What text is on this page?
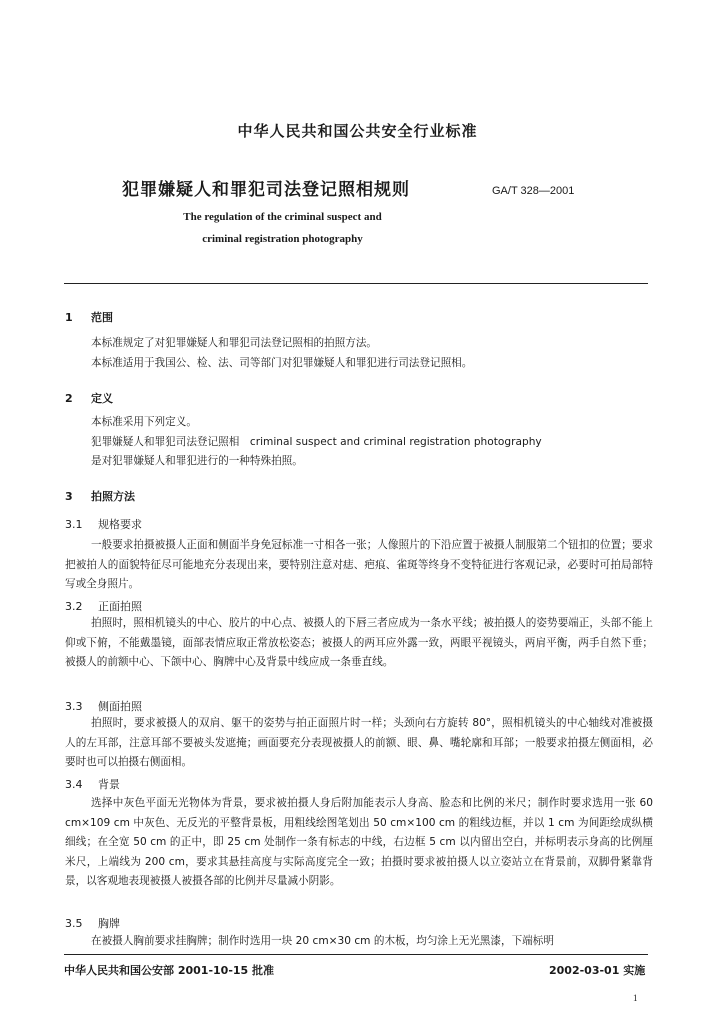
中华人民共和国公共安全行业标准
犯罪嫌疑人和罪犯司法登记照相规则	GA/T 328—2001
The regulation of the criminal suspect and
criminal registration photography
1 范围
本标准规定了对犯罪嫌疑人和罪犯司法登记照相的拍照方法。
本标准适用于我国公、检、法、司等部门对犯罪嫌疑人和罪犯进行司法登记照相。
2 定义
本标准采用下列定义。
犯罪嫌疑人和罪犯司法登记照相　criminal suspect and criminal registration photography
是对犯罪嫌疑人和罪犯进行的一种特殊拍照。
3 拍照方法
3.1 规格要求
一般要求拍摄被摄人正面和侧面半身免冠标准一寸相各一张；人像照片的下沿应置于被摄人制服第二个钮扣的位置；要求把被拍人的面貌特征尽可能地充分表现出来，要特别注意对痣、疤痕、雀斑等终身不变特征进行客观记录，必要时可拍局部特写或全身照片。
3.2 正面拍照
拍照时，照相机镜头的中心、胶片的中心点、被摄人的下唇三者应成为一条水平线；被拍摄人的姿势要端正，头部不能上仰或下俯，不能戴墨镜，面部表情应取正常放松姿态；被摄人的两耳应外露一致，两眼平视镜头，两肩平衡，两手自然下垂；被摄人的前额中心、下颌中心、胸牌中心及背景中线应成一条垂直线。
3.3 侧面拍照
拍照时，要求被摄人的双肩、躯干的姿势与拍正面照片时一样；头颈向右方旋转 80°，照相机镜头的中心轴线对准被摄人的左耳部，注意耳部不要被头发遮掩；画面要充分表现被摄人的前额、眼、鼻、嘴轮廓和耳部；一般要求拍摄左侧面相，必要时也可以拍摄右侧面相。
3.4 背景
选择中灰色平面无光物体为背景，要求被拍摄人身后附加能表示人身高、脸态和比例的米尺；制作时要求选用一张 60 cm×109 cm 中灰色、无反光的平整背景板，用粗线绘图笔划出 50 cm×100 cm 的粗线边框，并以 1 cm 为间距绘成纵横细线；在全宽 50 cm 的正中，即 25 cm 处制作一条有标志的中线，右边框 5 cm 以内留出空白，并标明表示身高的比例厘米尺，上端线为 200 cm，要求其悬挂高度与实际高度完全一致；拍摄时要求被拍摄人以立姿站立在背景前，双脚骨紧靠背景，以客观地表现被摄人被摄各部的比例并尽量减小阴影。
3.5 胸牌
在被摄人胸前要求挂胸牌；制作时选用一块 20 cm×30 cm 的木板，均匀涂上无光黑漆，下端标明
中华人民共和国公安部 2001-10-15 批准	2002-03-01 实施
1
